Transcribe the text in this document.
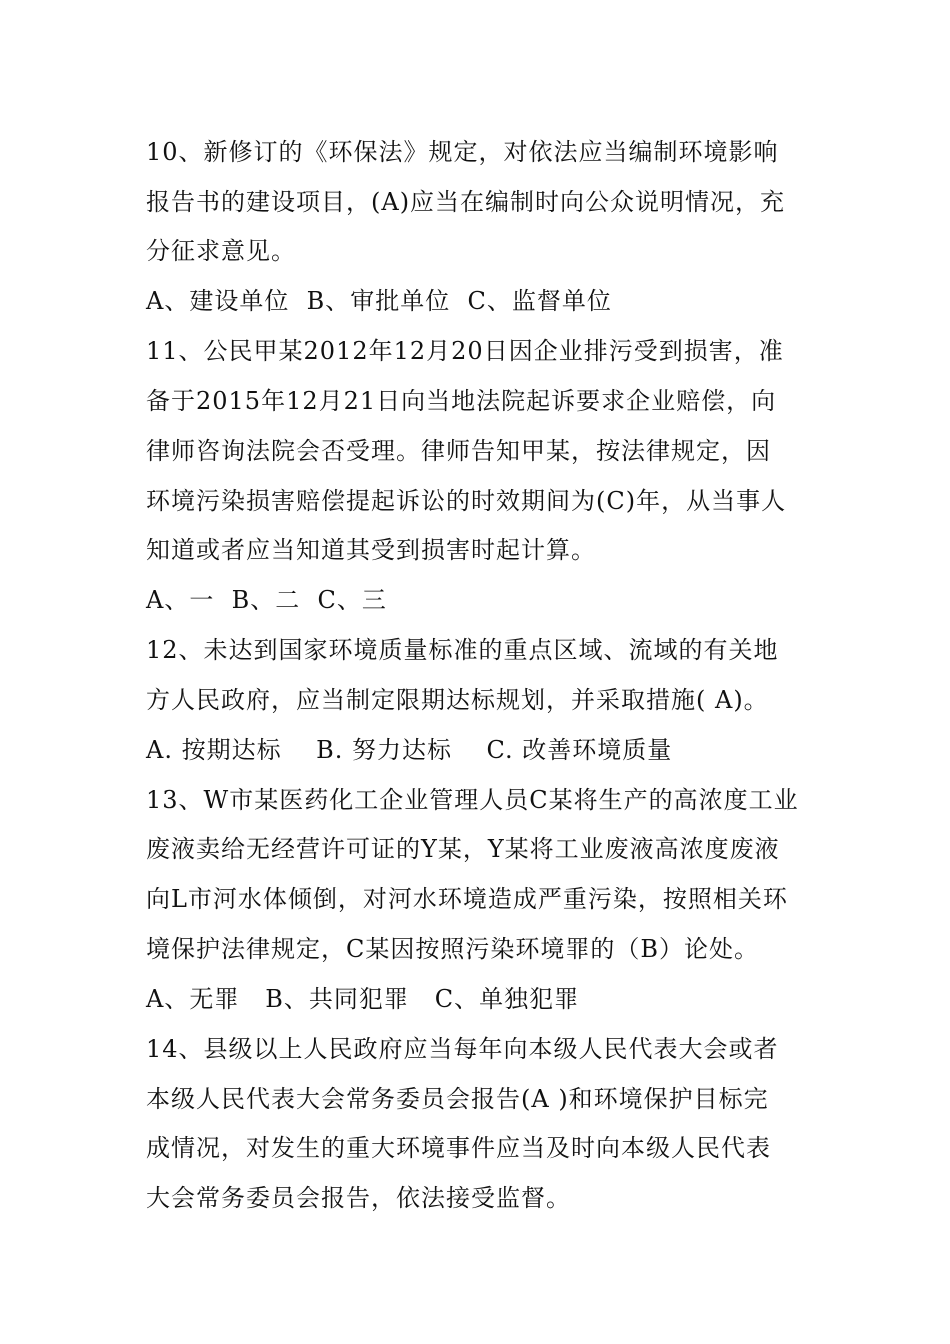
10、新修订的《环保法》规定，对依法应当编制环境影响
报告书的建设项目，(A)应当在编制时向公众说明情况，充
分征求意见。
A、建设单位  B、审批单位  C、监督单位
11、公民甲某2012年12月20日因企业排污受到损害，准
备于2015年12月21日向当地法院起诉要求企业赔偿，向
律师咨询法院会否受理。律师告知甲某，按法律规定，因
环境污染损害赔偿提起诉讼的时效期间为(C)年，从当事人
知道或者应当知道其受到损害时起计算。
A、一  B、二  C、三
12、未达到国家环境质量标准的重点区域、流域的有关地
方人民政府，应当制定限期达标规划，并采取措施( A)。
A. 按期达标    B. 努力达标    C. 改善环境质量
13、W市某医药化工企业管理人员C某将生产的高浓度工业
废液卖给无经营许可证的Y某，Y某将工业废液高浓度废液
向L市河水体倾倒，对河水环境造成严重污染，按照相关环
境保护法律规定，C某因按照污染环境罪的（B）论处。
A、无罪   B、共同犯罪   C、单独犯罪
14、县级以上人民政府应当每年向本级人民代表大会或者
本级人民代表大会常务委员会报告(A )和环境保护目标完
成情况，对发生的重大环境事件应当及时向本级人民代表
大会常务委员会报告，依法接受监督。
